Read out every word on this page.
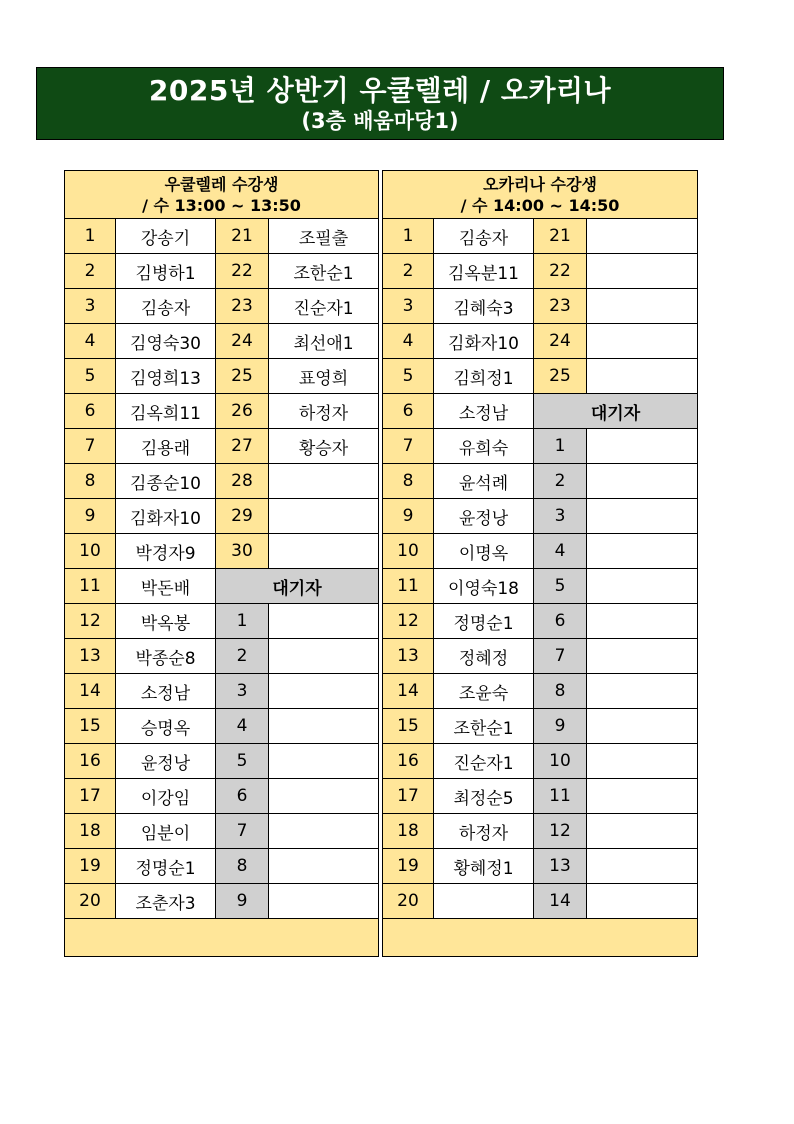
2025년 상반기 우쿨렐레 / 오카리나
(3층 배움마당1)
우쿨렐레 수강생
/ 수 13:00 ~ 13:50			

1	강송기	21	조필출
2	김병하1	22	조한순1
3	김송자	23	진순자1
4	김영숙30	24	최선애1
5	김영희13	25	표영희
6	김옥희11	26	하정자
7	김용래	27	황승자
8	김종순10	28	
9	김화자10	29	
10	박경자9	30	
11	박돈배	대기자	
12	박옥봉	1	
13	박종순8	2	
14	소정남	3	
15	승명옥	4	
16	윤정낭	5	
17	이강임	6	
18	임분이	7	
19	정명순1	8	
20	조춘자3	9	

오카리나 수강생
/ 수 14:00 ~ 14:50			

1	김송자	21	
2	김옥분11	22	
3	김혜숙3	23	
4	김화자10	24	
5	김희정1	25	
6	소정남	대기자	
7	유희숙	1	
8	윤석례	2	
9	윤정낭	3	
10	이명옥	4	
11	이영숙18	5	
12	정명순1	6	
13	정혜정	7	
14	조윤숙	8	
15	조한순1	9	
16	진순자1	10	
17	최정순5	11	
18	하정자	12	
19	황혜정1	13	
20		14	
